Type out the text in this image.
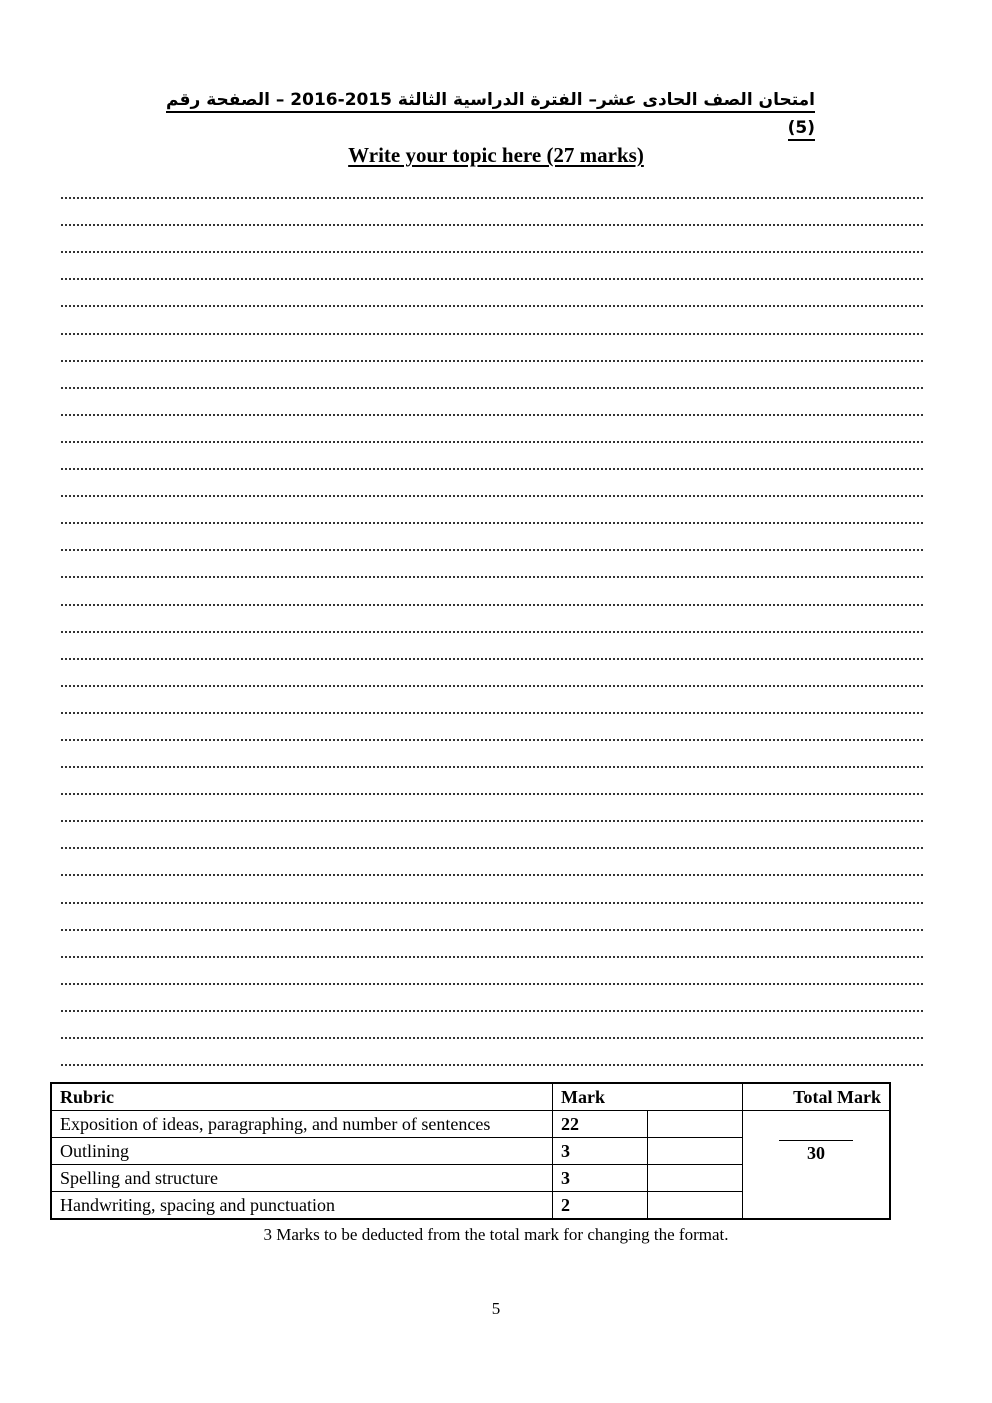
امتحان الصف الحادى عشر– الفترة الدراسية الثالثة 2015-2016 – الصفحة رقم (5)
Write your topic here (27 marks)
Rubric	Mark		Total Mark
Exposition of ideas, paragraphing, and number of sentences	22		30

Outlining	3		
Spelling and structure	3		
Handwriting, spacing and punctuation	2		
3 Marks to be deducted from the total mark for changing the format.
5
